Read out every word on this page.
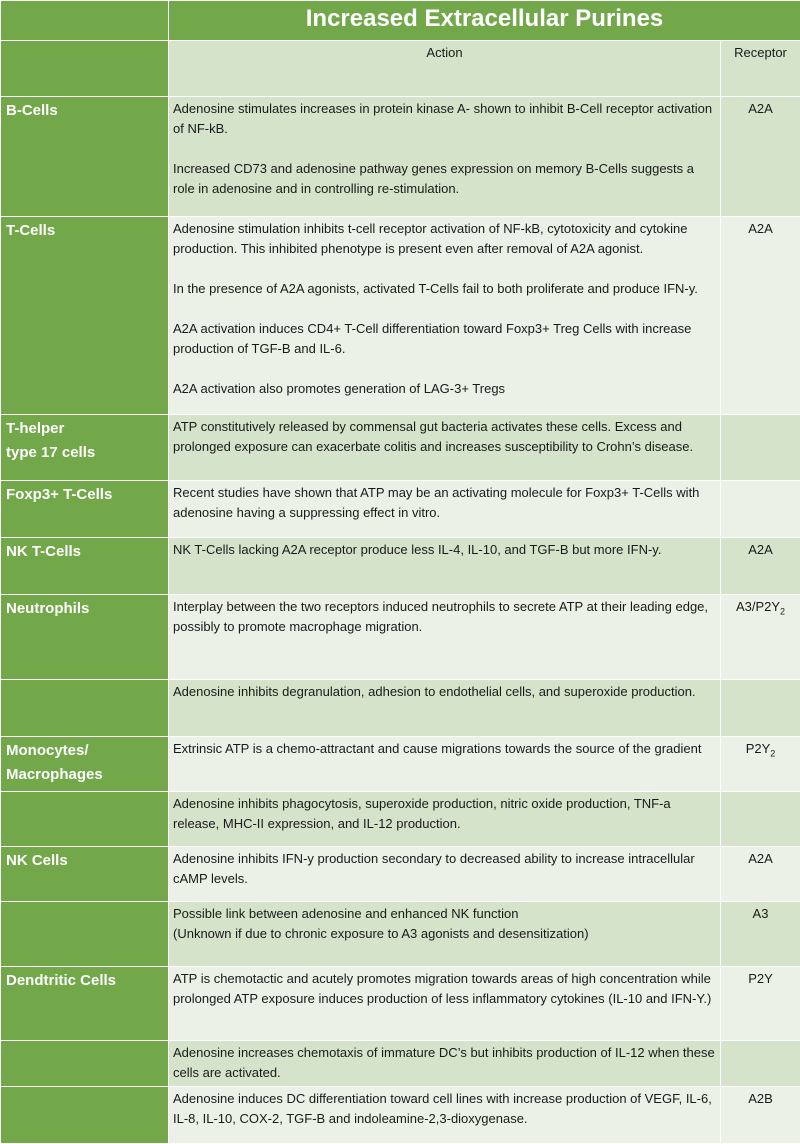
	Increased Extracellular Purines	
	Action	Receptor

B-Cells	Adenosine stimulates increases in protein kinase A- shown to inhibit B-Cell receptor activation of NF-kB.
Increased CD73 and adenosine pathway genes expression on memory B-Cells suggests a role in adenosine and in controlling re-stimulation.	A2A

T-Cells	Adenosine stimulation inhibits t-cell receptor activation of NF-kB, cytotoxicity and cytokine production. This inhibited phenotype is present even after removal of A2A agonist.
In the presence of A2A agonists, activated T-Cells fail to both proliferate and produce IFN-y.
A2A activation induces CD4+ T-Cell differentiation toward Foxp3+ Treg Cells with increase production of TGF-B and IL-6.
A2A activation also promotes generation of LAG-3+ Tregs	A2A

T-helper
type 17 cells	ATP constitutively released by commensal gut bacteria activates these cells. Excess and prolonged exposure can exacerbate colitis and increases susceptibility to Crohn’s disease.	

Foxp3+ T-Cells	Recent studies have shown that ATP may be an activating molecule for Foxp3+ T-Cells with adenosine having a suppressing effect in vitro.	

NK T-Cells	NK T-Cells lacking A2A receptor produce less IL-4, IL-10, and TGF-B but more IFN-y.	A2A

Neutrophils	Interplay between the two receptors induced neutrophils to secrete ATP at their leading edge, possibly to promote macrophage migration.	$A3/P2Y_2$

	Adenosine inhibits degranulation, adhesion to endothelial cells, and superoxide production.	

Monocytes/
Macrophages	Extrinsic ATP is a chemo-attractant and cause migrations towards the source of the gradient	$P2Y_2$

	Adenosine inhibits phagocytosis, superoxide production, nitric oxide production, TNF-a release, MHC-II expression, and IL-12 production.	

NK Cells	Adenosine inhibits IFN-y production secondary to decreased ability to increase intracellular cAMP levels.	A2A

	Possible link between adenosine and enhanced NK function
(Unknown if due to chronic exposure to A3 agonists and desensitization)	A3

Dendtritic Cells	ATP is chemotactic and acutely promotes migration towards areas of high concentration while prolonged ATP exposure induces production of less inflammatory cytokines (IL-10 and IFN-Y.)	P2Y

	Adenosine increases chemotaxis of immature DC’s but inhibits production of IL-12 when these cells are activated.	

	Adenosine induces DC differentiation toward cell lines with increase production of VEGF, IL-6, IL-8, IL-10, COX-2, TGF-B and indoleamine-2,3-dioxygenase.	A2B
